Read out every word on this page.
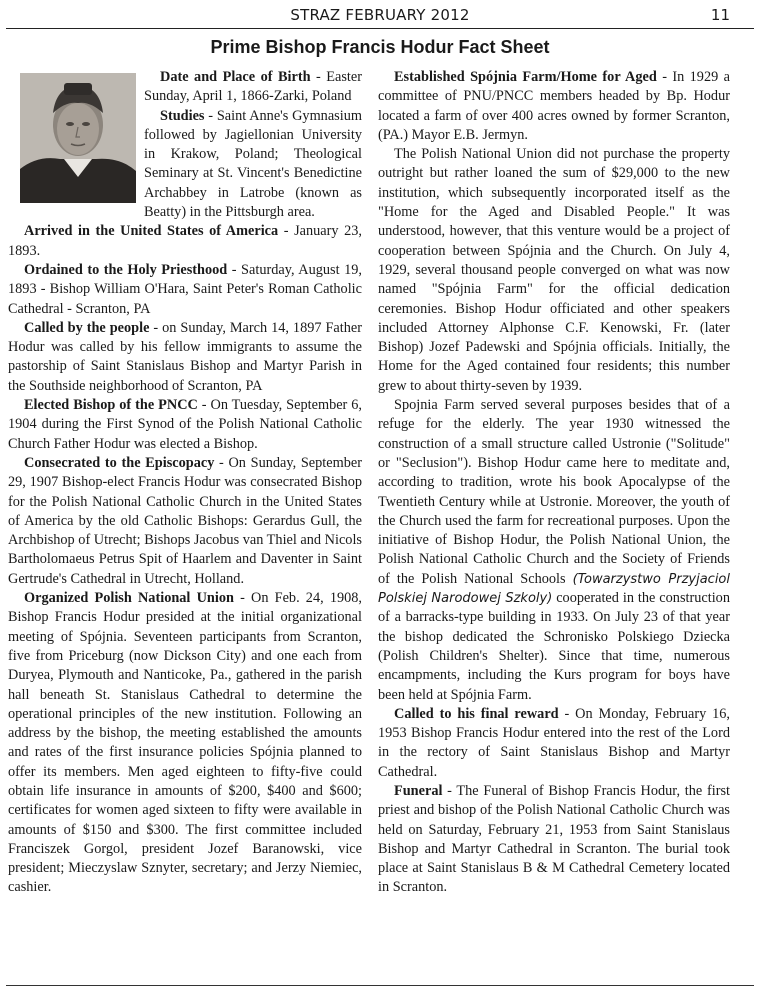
STRAZ FEBRUARY 2012	11
Prime Bishop Francis Hodur Fact Sheet

Date and Place of Birth - Easter Sunday, April 1, 1866-Zarki, Poland

Studies - Saint Anne's Gymnasium followed by Jagiellonian University in Krakow, Poland; Theological Seminary at St. Vincent's Benedictine Archabbey in Latrobe (known as Beatty) in the Pittsburgh area.

Arrived in the United States of America - January 23, 1893.

Ordained to the Holy Priesthood - Saturday, August 19, 1893 - Bishop William O'Hara, Saint Peter's Roman Catholic Cathedral - Scranton, PA

Called by the people - on Sunday, March 14, 1897 Father Hodur was called by his fellow immigrants to assume the pastorship of Saint Stanislaus Bishop and Martyr Parish in the Southside neighborhood of Scranton, PA

Elected Bishop of the PNCC - On Tuesday, September 6, 1904 during the First Synod of the Polish National Catholic Church Father Hodur was elected a Bishop.

Consecrated to the Episcopacy - On Sunday, September 29, 1907 Bishop-elect Francis Hodur was consecrated Bishop for the Polish National Catholic Church in the United States of America by the old Catholic Bishops: Gerardus Gull, the Archbishop of Utrecht; Bishops Jacobus van Thiel and Nicols Bartholomaeus Petrus Spit of Haarlem and Daventer in Saint Gertrude's Cathedral in Utrecht, Holland.

Organized Polish National Union - On Feb. 24, 1908, Bishop Francis Hodur presided at the initial organizational meeting of Spójnia. Seventeen participants from Scranton, five from Priceburg (now Dickson City) and one each from Duryea, Plymouth and Nanticoke, Pa., gathered in the parish hall beneath St. Stanislaus Cathedral to determine the operational principles of the new institution. Following an address by the bishop, the meeting established the amounts and rates of the first insurance policies Spójnia planned to offer its members. Men aged eighteen to fifty-five could obtain life insurance in amounts of $200, $400 and $600; certificates for women aged sixteen to fifty were available in amounts of $150 and $300. The first committee included Franciszek Gorgol, president Jozef Baranowski, vice president; Mieczyslaw Sznyter, secretary; and Jerzy Niemiec, cashier.

Established Spójnia Farm/Home for Aged - In 1929 a committee of PNU/PNCC members headed by Bp. Hodur located a farm of over 400 acres owned by former Scranton, (PA.) Mayor E.B. Jermyn.

The Polish National Union did not purchase the property outright but rather loaned the sum of $29,000 to the new institution, which subsequently incorporated itself as the "Home for the Aged and Disabled People." It was understood, however, that this venture would be a project of cooperation between Spójnia and the Church. On July 4, 1929, several thousand people converged on what was now named "Spójnia Farm" for the official dedication ceremonies. Bishop Hodur officiated and other speakers included Attorney Alphonse C.F. Kenowski, Fr. (later Bishop) Jozef Padewski and Spójnia officials. Initially, the Home for the Aged contained four residents; this number grew to about thirty-seven by 1939.

Spojnia Farm served several purposes besides that of a refuge for the elderly. The year 1930 witnessed the construction of a small structure called Ustronie ("Solitude" or "Seclusion"). Bishop Hodur came here to meditate and, according to tradition, wrote his book Apocalypse of the Twentieth Century while at Ustronie. Moreover, the youth of the Church used the farm for recreational purposes. Upon the initiative of Bishop Hodur, the Polish National Union, the Polish National Catholic Church and the Society of Friends of the Polish National Schools (Towarzystwo Przyjaciol Polskiej Narodowej Szkoly) cooperated in the construction of a barracks-type building in 1933. On July 23 of that year the bishop dedicated the Schronisko Polskiego Dziecka (Polish Children's Shelter). Since that time, numerous encampments, including the Kurs program for boys have been held at Spójnia Farm.

Called to his final reward - On Monday, February 16, 1953 Bishop Francis Hodur entered into the rest of the Lord in the rectory of Saint Stanislaus Bishop and Martyr Cathedral.

Funeral - The Funeral of Bishop Francis Hodur, the first priest and bishop of the Polish National Catholic Church was held on Saturday, February 21, 1953 from Saint Stanislaus Bishop and Martyr Cathedral in Scranton. The burial took place at Saint Stanislaus B & M Cathedral Cemetery located in Scranton.
